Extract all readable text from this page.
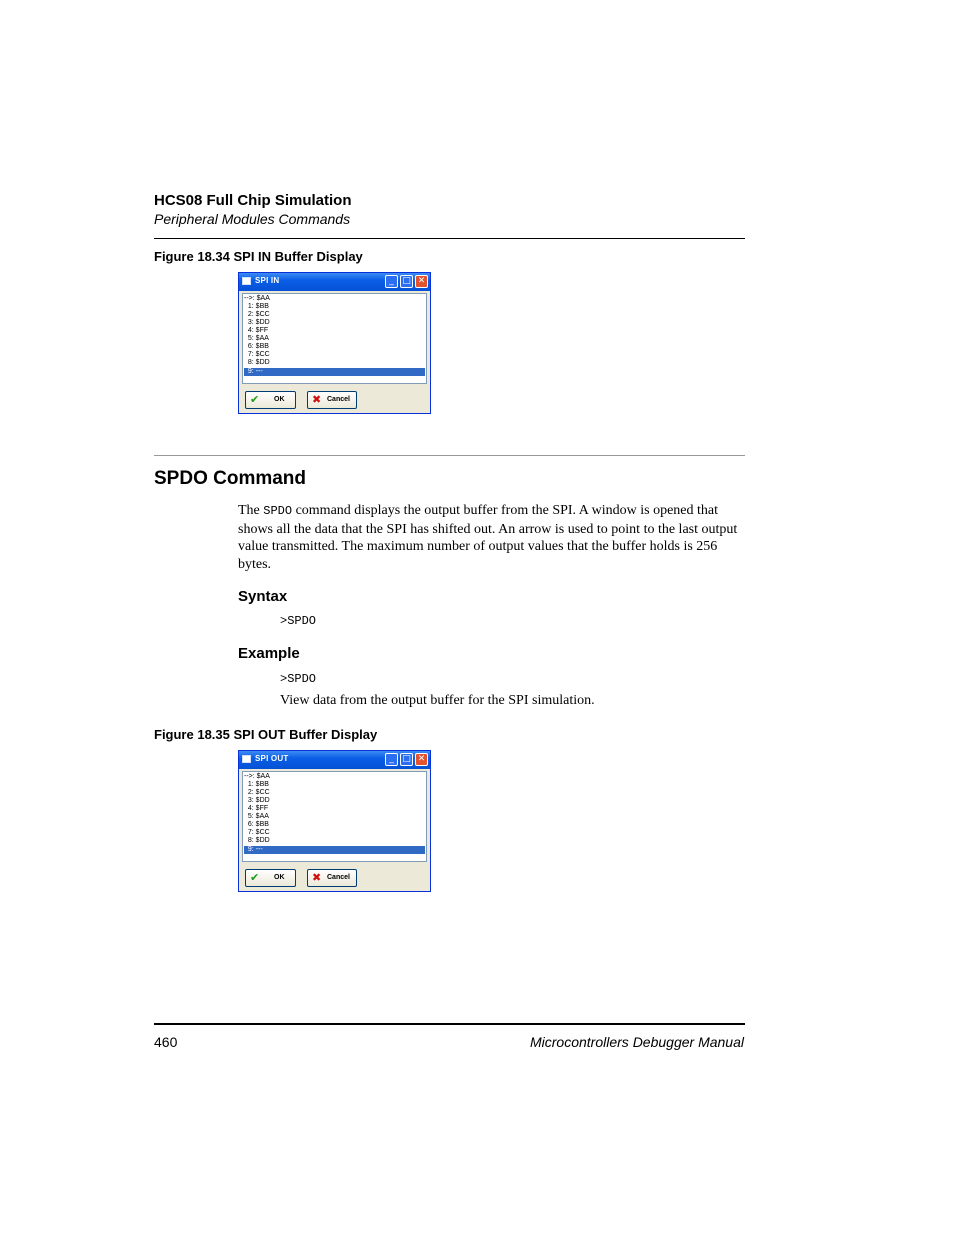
HCS08 Full Chip Simulation
Peripheral Modules Commands
Figure 18.34 SPI IN Buffer Display
SPI IN	_ □ ✕
-->: $AA
1: $BB
2: $CC
3: $DD
4: $FF
5: $AA
6: $BB
7: $CC
8: $DD
9: ---
✔ OK	✖ Cancel
SPDO Command
The SPDO command displays the output buffer from the SPI. A window is opened that shows all the data that the SPI has shifted out. An arrow is used to point to the last output value transmitted. The maximum number of output values that the buffer holds is 256 bytes.
Syntax
>SPDO
Example
>SPDO
View data from the output buffer for the SPI simulation.
Figure 18.35 SPI OUT Buffer Display
SPI OUT	_ □ ✕
-->: $AA
1: $BB
2: $CC
3: $DD
4: $FF
5: $AA
6: $BB
7: $CC
8: $DD
9: ---
✔ OK	✖ Cancel
460	Microcontrollers Debugger Manual
